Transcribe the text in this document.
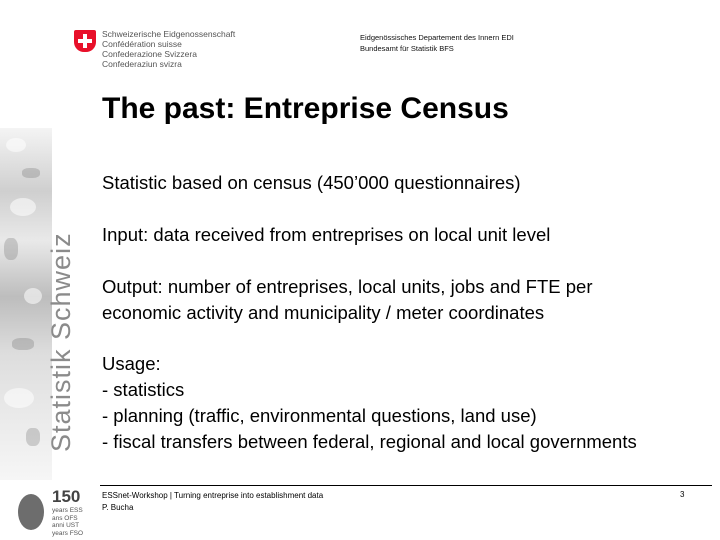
Statistik Schweiz
Schweizerische Eidgenossenschaft
Confédération suisse
Confederazione Svizzera
Confederaziun svizra
Eidgenössisches Departement des Innern EDI
Bundesamt für Statistik BFS
The past: Entreprise Census
Statistic based on census (450’000 questionnaires)
Input: data received from entreprises on local unit level
Output: number of entreprises, local units, jobs and FTE per
economic activity and municipality / meter coordinates
Usage:
- statistics
- planning (traffic, environmental questions, land use)
- fiscal transfers between federal, regional and local governments
ESSnet-Workshop | Turning entreprise into establishment data
P. Bucha
3
150
years ESS
ans OFS
anni UST
years FSO
